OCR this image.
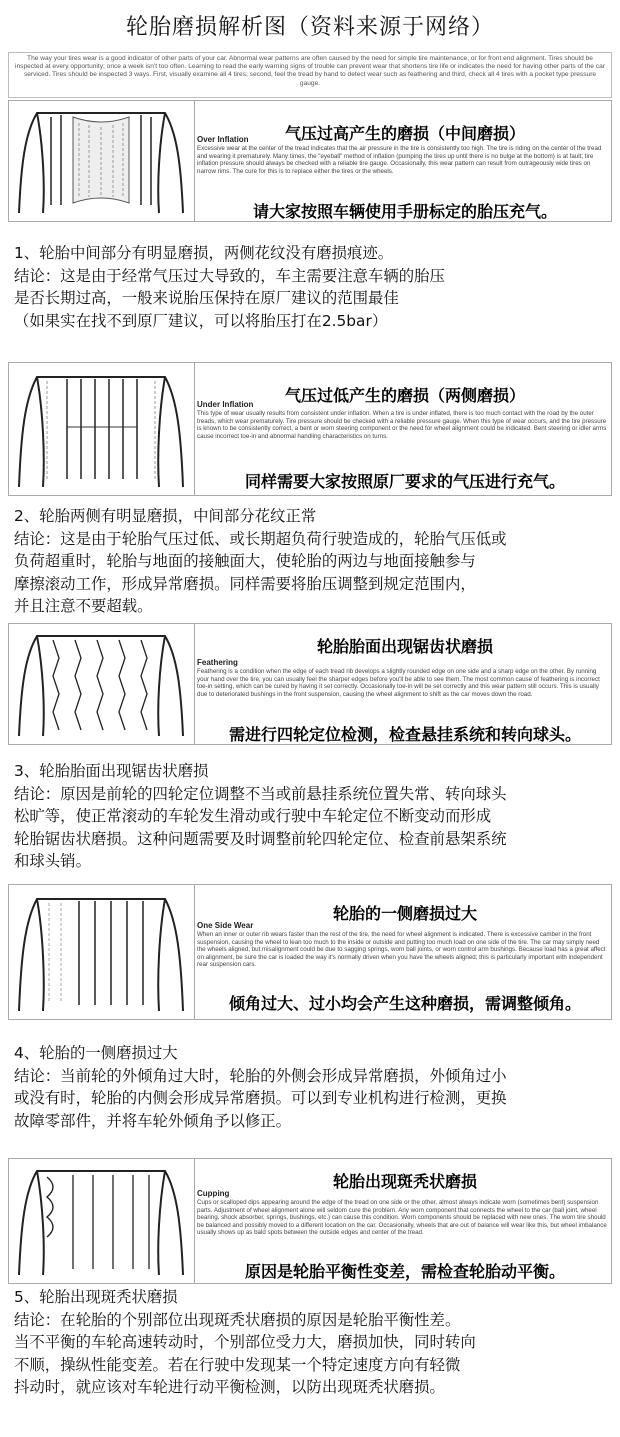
轮胎磨损解析图（资料来源于网络）
The way your tires wear is a good indicator of other parts of your car. Abnormal wear patterns are often caused by the need for simple tire maintenance, or for front end alignment. Tires should be inspected at every opportunity; once a week isn't too often. Learning to read the early warning signs of trouble can prevent wear that shortens tire life or indicates the need for having other parts of the car serviced. Tires should be inspected 3 ways. First, visually examine all 4 tires; second, feel the tread by hand to detect wear such as feathering and third, check all 4 tires with a pocket type pressure gauge.
气压过高产生的磨损（中间磨损）
Over Inflation
Excessive wear at the center of the tread indicates that the air pressure in the tire is consistently too high. The tire is riding on the center of the tread and wearing it prematurely. Many times, the "eyeball" method of inflation (pumping the tires up until there is no bulge at the bottom) is at fault; tire inflation pressure should always be checked with a reliable tire gauge. Occasionally, this wear pattern can result from outrageously wide tires on narrow rims. The cure for this is to replace either the tires or the wheels.
请大家按照车辆使用手册标定的胎压充气。
1、轮胎中间部分有明显磨损，两侧花纹没有磨损痕迹。
结论：这是由于经常气压过大导致的，车主需要注意车辆的胎压
是否长期过高，一般来说胎压保持在原厂建议的范围最佳
（如果实在找不到原厂建议，可以将胎压打在2.5bar）
气压过低产生的磨损（两侧磨损）
Under Inflation
This type of wear usually results from consistent under inflation. When a tire is under inflated, there is too much contact with the road by the outer treads, which wear prematurely. Tire pressure should be checked with a reliable pressure gauge. When this type of wear occurs, and the tire pressure is known to be consistently correct, a bent or worn steering component or the need for wheel alignment could be indicated. Bent steering or idler arms cause incorrect toe-in and abnormal handling characteristics on turns.
同样需要大家按照原厂要求的气压进行充气。
2、轮胎两侧有明显磨损，中间部分花纹正常
结论：这是由于轮胎气压过低、或长期超负荷行驶造成的，轮胎气压低或
负荷超重时，轮胎与地面的接触面大，使轮胎的两边与地面接触参与
摩擦滚动工作，形成异常磨损。同样需要将胎压调整到规定范围内，
并且注意不要超载。
轮胎胎面出现锯齿状磨损
Feathering
Feathering is a condition when the edge of each tread rib develops a slightly rounded edge on one side and a sharp edge on the other. By running your hand over the tire, you can usually feel the sharper edges before you'll be able to see them. The most common cause of feathering is incorrect toe-in setting, which can be cured by having it set correctly. Occasionally toe-in will be set correctly and this wear pattern still occurs. This is usually due to deteriorated bushings in the front suspension, causing the wheel alignment to shift as the car moves down the road.
需进行四轮定位检测，检查悬挂系统和转向球头。
3、轮胎胎面出现锯齿状磨损
结论：原因是前轮的四轮定位调整不当或前悬挂系统位置失常、转向球头
松旷等，使正常滚动的车轮发生滑动或行驶中车轮定位不断变动而形成
轮胎锯齿状磨损。这种问题需要及时调整前轮四轮定位、检查前悬架系统
和球头销。
轮胎的一侧磨损过大
One Side Wear
When an inner or outer rib wears faster than the rest of the tire, the need for wheel alignment is indicated. There is excessive camber in the front suspension, causing the wheel to lean too much to the inside or outside and putting too much load on one side of the tire. The car may simply need the wheels aligned, but misalignment could be due to sagging springs, worn ball joints, or worn control arm bushings. Because load has a great affect on alignment, be sure the car is loaded the way it's normally driven when you have the wheels aligned; this is particularly important with independent rear suspension cars.
倾角过大、过小均会产生这种磨损，需调整倾角。
4、轮胎的一侧磨损过大
结论：当前轮的外倾角过大时，轮胎的外侧会形成异常磨损，外倾角过小
或没有时，轮胎的内侧会形成异常磨损。可以到专业机构进行检测，更换
故障零部件，并将车轮外倾角予以修正。
轮胎出现斑秃状磨损
Cupping
Cups or scalloped dips appearing around the edge of the tread on one side or the other, almost always indicate worn (sometimes bent) suspension parts. Adjustment of wheel alignment alone will seldom cure the problem. Any worn component that connects the wheel to the car (ball joint, wheel bearing, shock absorber, springs, bushings, etc.) can cause this condition. Worn components should be replaced with new ones. The worn tire should be balanced and possibly moved to a different location on the car. Occasionally, wheels that are out of balance will wear like this, but wheel imbalance usually shows up as bald spots between the outside edges and center of the tread.
原因是轮胎平衡性变差，需检查轮胎动平衡。
5、轮胎出现斑秃状磨损
结论：在轮胎的个别部位出现斑秃状磨损的原因是轮胎平衡性差。
当不平衡的车轮高速转动时，个别部位受力大，磨损加快，同时转向
不顺，操纵性能变差。若在行驶中发现某一个特定速度方向有轻微
抖动时，就应该对车轮进行动平衡检测，以防出现斑秃状磨损。
